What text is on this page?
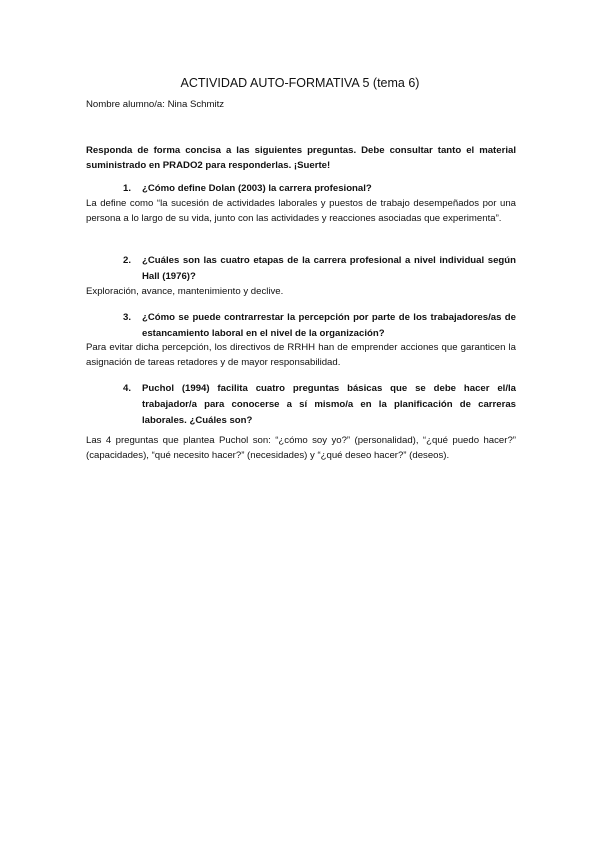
ACTIVIDAD AUTO-FORMATIVA 5 (tema 6)
Nombre alumno/a: Nina Schmitz
Responda de forma concisa a las siguientes preguntas. Debe consultar tanto el material suministrado en PRADO2 para responderlas. ¡Suerte!
1. ¿Cómo define Dolan (2003) la carrera profesional?
La define como “la sucesión de actividades laborales y puestos de trabajo desempeñados por una persona a lo largo de su vida, junto con las actividades y reacciones asociadas que experimenta”.
2. ¿Cuáles son las cuatro etapas de la carrera profesional a nivel individual según Hall (1976)?
Exploración, avance, mantenimiento y declive.
3. ¿Cómo se puede contrarrestar la percepción por parte de los trabajadores/as de estancamiento laboral en el nivel de la organización?
Para evitar dicha percepción, los directivos de RRHH han de emprender acciones que garanticen la asignación de tareas retadores y de mayor responsabilidad.
4. Puchol (1994) facilita cuatro preguntas básicas que se debe hacer el/la trabajador/a para conocerse a sí mismo/a en la planificación de carreras laborales. ¿Cuáles son?
Las 4 preguntas que plantea Puchol son: “¿cómo soy yo?” (personalidad), “¿qué puedo hacer?” (capacidades), “qué necesito hacer?” (necesidades) y “¿qué deseo hacer?” (deseos).
